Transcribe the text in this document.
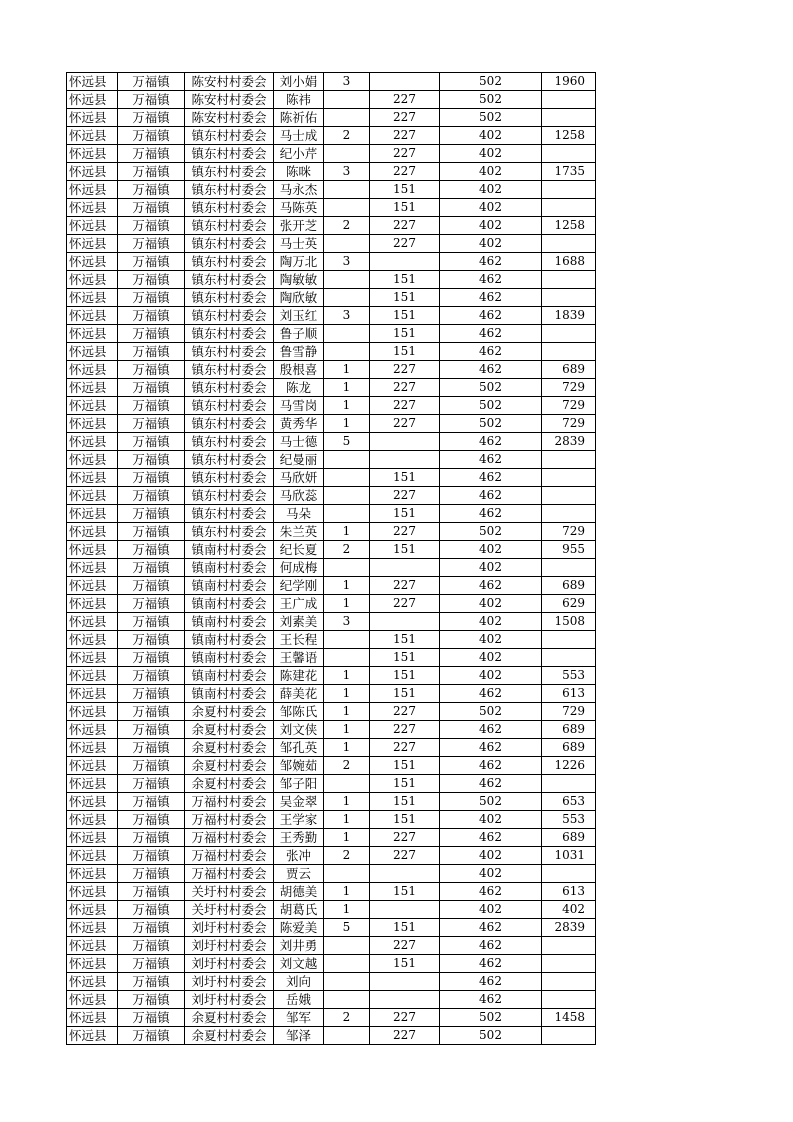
怀远县	万福镇	陈安村村委会	刘小娟	3		502	1960
怀远县	万福镇	陈安村村委会	陈祎		227	502	
怀远县	万福镇	陈安村村委会	陈祈佑		227	502	
怀远县	万福镇	镇东村村委会	马士成	2	227	402	1258
怀远县	万福镇	镇东村村委会	纪小芹		227	402	
怀远县	万福镇	镇东村村委会	陈咪	3	227	402	1735
怀远县	万福镇	镇东村村委会	马永杰		151	402	
怀远县	万福镇	镇东村村委会	马陈英		151	402	
怀远县	万福镇	镇东村村委会	张开芝	2	227	402	1258
怀远县	万福镇	镇东村村委会	马士英		227	402	
怀远县	万福镇	镇东村村委会	陶万北	3		462	1688
怀远县	万福镇	镇东村村委会	陶敏敏		151	462	
怀远县	万福镇	镇东村村委会	陶欣敏		151	462	
怀远县	万福镇	镇东村村委会	刘玉红	3	151	462	1839
怀远县	万福镇	镇东村村委会	鲁子顺		151	462	
怀远县	万福镇	镇东村村委会	鲁雪静		151	462	
怀远县	万福镇	镇东村村委会	殷根喜	1	227	462	689
怀远县	万福镇	镇东村村委会	陈龙	1	227	502	729
怀远县	万福镇	镇东村村委会	马雪岗	1	227	502	729
怀远县	万福镇	镇东村村委会	黄秀华	1	227	502	729
怀远县	万福镇	镇东村村委会	马士德	5		462	2839
怀远县	万福镇	镇东村村委会	纪曼丽			462	
怀远县	万福镇	镇东村村委会	马欣妍		151	462	
怀远县	万福镇	镇东村村委会	马欣蕊		227	462	
怀远县	万福镇	镇东村村委会	马朵		151	462	
怀远县	万福镇	镇东村村委会	朱兰英	1	227	502	729
怀远县	万福镇	镇南村村委会	纪长夏	2	151	402	955
怀远县	万福镇	镇南村村委会	何成梅			402	
怀远县	万福镇	镇南村村委会	纪学刚	1	227	462	689
怀远县	万福镇	镇南村村委会	王广成	1	227	402	629
怀远县	万福镇	镇南村村委会	刘素美	3		402	1508
怀远县	万福镇	镇南村村委会	王长程		151	402	
怀远县	万福镇	镇南村村委会	王馨语		151	402	
怀远县	万福镇	镇南村村委会	陈建花	1	151	402	553
怀远县	万福镇	镇南村村委会	薛美花	1	151	462	613
怀远县	万福镇	余夏村村委会	邹陈氏	1	227	502	729
怀远县	万福镇	余夏村村委会	刘文侠	1	227	462	689
怀远县	万福镇	余夏村村委会	邹孔英	1	227	462	689
怀远县	万福镇	余夏村村委会	邹婉茹	2	151	462	1226
怀远县	万福镇	余夏村村委会	邹子阳		151	462	
怀远县	万福镇	万福村村委会	吴金翠	1	151	502	653
怀远县	万福镇	万福村村委会	王学家	1	151	402	553
怀远县	万福镇	万福村村委会	王秀勤	1	227	462	689
怀远县	万福镇	万福村村委会	张冲	2	227	402	1031
怀远县	万福镇	万福村村委会	贾云			402	
怀远县	万福镇	关圩村村委会	胡德美	1	151	462	613
怀远县	万福镇	关圩村村委会	胡葛氏	1		402	402
怀远县	万福镇	刘圩村村委会	陈爱美	5	151	462	2839
怀远县	万福镇	刘圩村村委会	刘井勇		227	462	
怀远县	万福镇	刘圩村村委会	刘文越		151	462	
怀远县	万福镇	刘圩村村委会	刘向			462	
怀远县	万福镇	刘圩村村委会	岳娥			462	
怀远县	万福镇	余夏村村委会	邹军	2	227	502	1458
怀远县	万福镇	余夏村村委会	邹泽		227	502	
